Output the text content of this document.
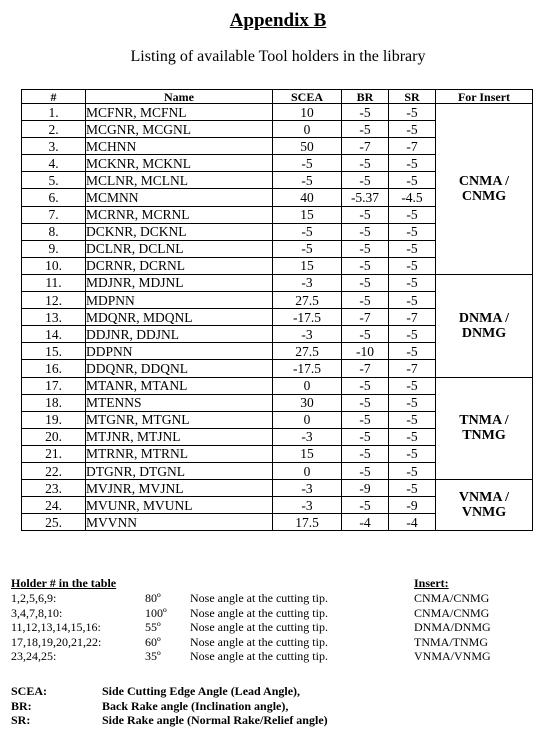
Appendix B
Listing of available Tool holders in the library
#	Name	SCEA	BR	SR	For Insert
1.	MCFNR, MCFNL	10	-5	-5	CNMA /
CNMG

2.	MCGNR, MCGNL	0	-5	-5	
3.	MCHNN	50	-7	-7	
4.	MCKNR, MCKNL	-5	-5	-5	
5.	MCLNR, MCLNL	-5	-5	-5	
6.	MCMNN	40	-5.37	-4.5	
7.	MCRNR, MCRNL	15	-5	-5	
8.	DCKNR, DCKNL	-5	-5	-5	
9.	DCLNR, DCLNL	-5	-5	-5	
10.	DCRNR, DCRNL	15	-5	-5	
11.	MDJNR, MDJNL	-3	-5	-5	DNMA /
DNMG

12.	MDPNN	27.5	-5	-5	
13.	MDQNR, MDQNL	-17.5	-7	-7	
14.	DDJNR, DDJNL	-3	-5	-5	
15.	DDPNN	27.5	-10	-5	
16.	DDQNR, DDQNL	-17.5	-7	-7	
17.	MTANR, MTANL	0	-5	-5	TNMA /
TNMG

18.	MTENNS	30	-5	-5	
19.	MTGNR, MTGNL	0	-5	-5	
20.	MTJNR, MTJNL	-3	-5	-5	
21.	MTRNR, MTRNL	15	-5	-5	
22.	DTGNR, DTGNL	0	-5	-5	
23.	MVJNR, MVJNL	-3	-9	-5	VNMA /
VNMG

24.	MVUNR, MVUNL	-3	-5	-9	
25.	MVVNN	17.5	-4	-4	
Holder # in the table	Insert:
1,2,5,6,9:	80º Nose angle at the cutting tip.	CNMA/CNMG
3,4,7,8,10:	100º Nose angle at the cutting tip.	CNMA/CNMG
11,12,13,14,15,16:	55º Nose angle at the cutting tip.	DNMA/DNMG
17,18,19,20,21,22:	60º Nose angle at the cutting tip.	TNMA/TNMG
23,24,25:	35º Nose angle at the cutting tip.	VNMA/VNMG
SCEA:	Side Cutting Edge Angle (Lead Angle),
BR:	Back Rake angle (Inclination angle),
SR:	Side Rake angle (Normal Rake/Relief angle)
